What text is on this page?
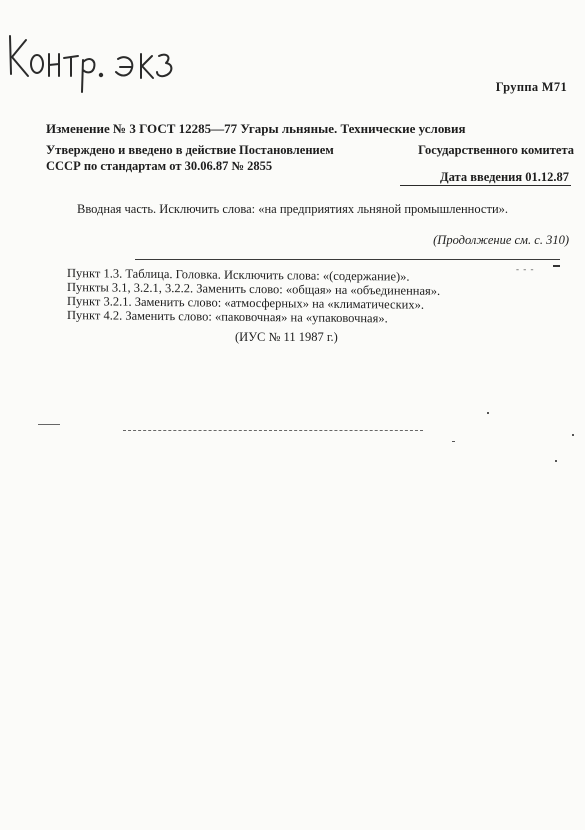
Группа М71
Изменение № 3 ГОСТ 12285—77 Угары льняные. Технические условия
Утверждено и введено в действие Постановлением	Государственного комитета
СССР по стандартам от 30.06.87 № 2855
Дата введения 01.12.87
Вводная часть. Исключить слова: «на предприятиях льняной промышленности».
(Продолжение см. с. 310)
- - -
Пункт 1.3. Таблица. Головка. Исключить слова: «(содержание)».
Пункты 3.1, 3.2.1, 3.2.2. Заменить слово: «общая» на «объединенная».
Пункт 3.2.1. Заменить слово: «атмосферных» на «климатических».
Пункт 4.2. Заменить слово: «паковочная» на «упаковочная».
(ИУС № 11 1987 г.)
